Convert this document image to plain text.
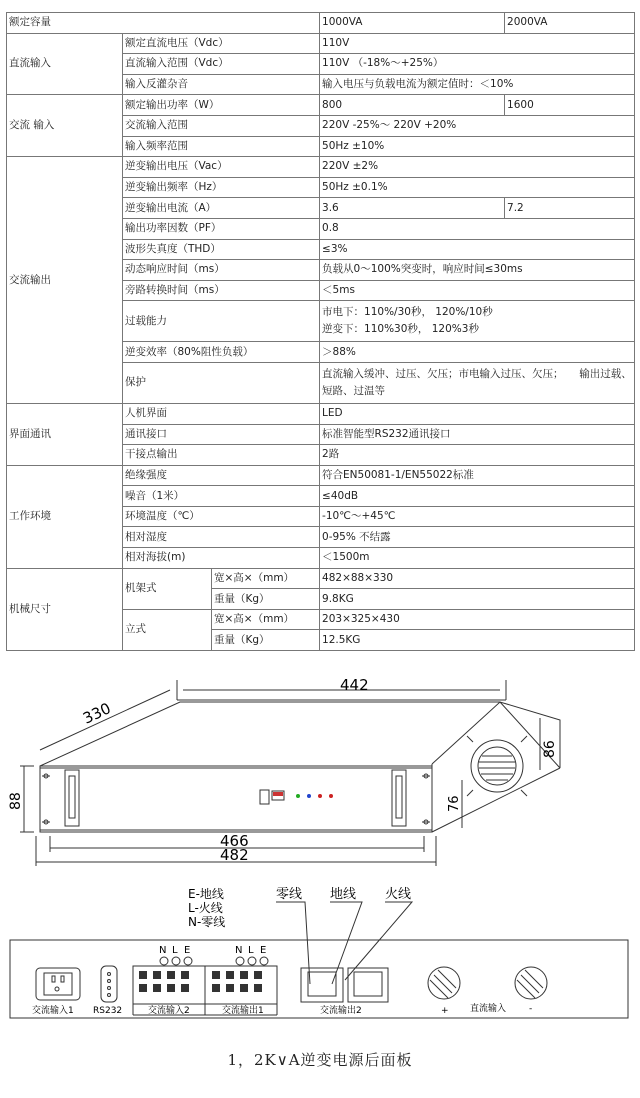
额定容量			1000VA	2000VA
直流输入	额定直流电压（Vdc）		110V	
	直流输入范围（Vdc）		110V （-18%～+25%）	
	输入反灌杂音		输入电压与负载电流为额定值时：＜10%	
交流 输入	额定输出功率（W）		800	1600
	交流输入范围		220V -25%～ 220V +20%	
	输入频率范围		50Hz ±10%	
交流输出	逆变输出电压（Vac）		220V ±2%	
	逆变输出频率（Hz）		50Hz ±0.1%	
	逆变输出电流（A）		3.6	7.2
	输出功率因数（PF）		0.8	
	波形失真度（THD）		≤3%	
	动态响应时间（ms）		负载从0～100%突变时，响应时间≤30ms	
	旁路转换时间（ms）		＜5ms	
	过载能力		市电下：110%/30秒， 120%/10秒
逆变下：110%30秒， 120%3秒	

	逆变效率（80%阻性负载）		＞88%	
	保护		直流输入缓冲、过压、欠压；市电输入过压、欠压；　　输出过载、短路、过温等	
界面通讯	人机界面		LED	
	通讯接口		标准智能型RS232通讯接口	
	干接点输出		2路	
工作环境	绝缘强度		符合EN50081-1/EN55022标准	
	噪音（1米）		≤40dB	
	环境温度（℃）		-10℃～+45℃	
	相对湿度		0-95% 不结露	
	相对海拔(m)		＜1500m	
机械尺寸	机架式	宽×高×（mm）	482×88×330	
		重量（Kg）	9.8KG	
	立式	宽×高×（mm）	203×325×430	
		重量（Kg）	12.5KG	
442
330
86
88	76
466
482
E-地线
L-火线
N-零线
零线 地线 火线
N L E	N L E
交流输入1 RS232	交流输入2	交流输出1	交流输出2	+ 直流输入	-
1，2K∨A逆变电源后面板
